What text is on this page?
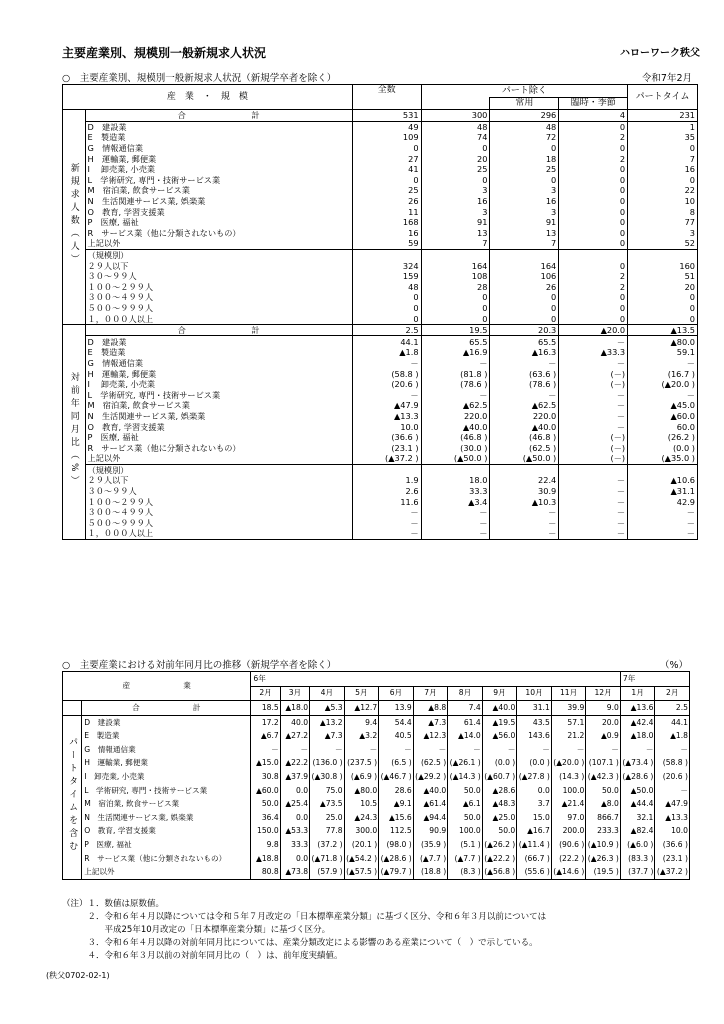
主要産業別、規模別一般新規求人状況	ハローワーク秩父
○　主要産業別、規模別一般新規求人状況（新規学卒者を除く）	令和7年2月
産　業　・　規　模		全数	パート除く			パートタイム
				常用	臨時・季節	
新規求人数（人）	合　　　　　　　　計	531	300	296	4	231
	D　建設業	49	48	48	0	1
	E　製造業	109	74	72	2	35
	G　情報通信業	0	0	0	0	0
	H　運輸業, 郵便業	27	20	18	2	7
	I　 卸売業, 小売業	41	25	25	0	16
	L　学術研究, 専門・技術サービス業	0	0	0	0	0
	M　宿泊業, 飲食サービス業	25	3	3	0	22
	N　生活関連サービス業, 娯楽業	26	16	16	0	10
	O　教育, 学習支援業	11	3	3	0	8
	P　医療, 福祉	168	91	91	0	77
	R　サービス業（他に分類されないもの）	16	13	13	0	3
	上記以外	59	7	7	0	52
	（規模別）					
	２９人以下	324	164	164	0	160
	３０～９９人	159	108	106	2	51
	１００～２９９人	48	28	26	2	20
	３００～４９９人	0	0	0	0	0
	５００～９９９人	0	0	0	0	0
	１，０００人以上	0	0	0	0	0
対前年同月比（%）	合　　　　　　　　計	2.5	19.5	20.3	▲20.0	▲13.5
	D　建設業	44.1	65.5	65.5	－	▲80.0
	E　製造業	▲1.8	▲16.9	▲16.3	▲33.3	59.1
	G　情報通信業	－	－	－	－	－
	H　運輸業, 郵便業	(58.8 )	(81.8 )	(63.6 )	(－)	(16.7 )
	I　 卸売業, 小売業	(20.6 )	(78.6 )	(78.6 )	(－)	(▲20.0 )
	L　学術研究, 専門・技術サービス業	－	－	－	－	－
	M　宿泊業, 飲食サービス業	▲47.9	▲62.5	▲62.5	－	▲45.0
	N　生活関連サービス業, 娯楽業	▲13.3	220.0	220.0	－	▲60.0
	O　教育, 学習支援業	10.0	▲40.0	▲40.0	－	60.0
	P　医療, 福祉	(36.6 )	(46.8 )	(46.8 )	(－)	(26.2 )
	R　サービス業（他に分類されないもの）	(23.1 )	(30.0 )	(62.5 )	(－)	(0.0 )
	上記以外	(▲37.2 )	(▲50.0 )	(▲50.0 )	(－)	(▲35.0 )
	（規模別）					
	２９人以下	1.9	18.0	22.4	－	▲10.6
	３０～９９人	2.6	33.3	30.9	－	▲31.1
	１００～２９９人	11.6	▲3.4	▲10.3	－	42.9
	３００～４９９人	－	－	－	－	－
	５００～９９９人	－	－	－	－	－
	１，０００人以上	－	－	－	－	－
○　主要産業における対前年同月比の推移（新規学卒者を除く）	（%）
産　　　　　　　業		6年											7年	
		2月	3月	4月	5月	6月	7月	8月	9月	10月	11月	12月	1月	2月
	合　　　　　　　計	18.5	▲18.0	▲5.3	▲12.7	13.9	▲8.8	7.4	▲40.0	31.1	39.9	9.0	▲13.6	2.5
パートタイムを含む	D　建設業	17.2	40.0	▲13.2	9.4	54.4	▲7.3	61.4	▲19.5	43.5	57.1	20.0	▲42.4	44.1
	E　製造業	▲6.7	▲27.2	▲7.3	▲3.2	40.5	▲12.3	▲14.0	▲56.0	143.6	21.2	▲0.9	▲18.0	▲1.8
	G　情報通信業	－	－	－	－	－	－	－	－	－	－	－	－	－
	H　運輸業, 郵便業	▲15.0	▲22.2	(136.0 )	(237.5 )	(6.5 )	(62.5 )	(▲26.1 )	(0.0 )	(0.0 )	(▲20.0 )	(107.1 )	(▲73.4 )	(58.8 )
	I　卸売業, 小売業	30.8	▲37.9	(▲30.8 )	(▲6.9 )	(▲46.7 )	(▲29.2 )	(▲14.3 )	(▲60.7 )	(▲27.8 )	(14.3 )	(▲42.3 )	(▲28.6 )	(20.6 )
	L　学術研究, 専門・技術サービス業	▲60.0	0.0	75.0	▲80.0	28.6	▲40.0	50.0	▲28.6	0.0	100.0	50.0	▲50.0	－
	M　宿泊業, 飲食サービス業	50.0	▲25.4	▲73.5	10.5	▲9.1	▲61.4	▲6.1	▲48.3	3.7	▲21.4	▲8.0	▲44.4	▲47.9
	N　生活関連サービス業, 娯楽業	36.4	0.0	25.0	▲24.3	▲15.6	▲94.4	50.0	▲25.0	15.0	97.0	866.7	32.1	▲13.3
	O　教育, 学習支援業	150.0	▲53.3	77.8	300.0	112.5	90.9	100.0	50.0	▲16.7	200.0	233.3	▲82.4	10.0
	P　医療, 福祉	9.8	33.3	(37.2 )	(20.1 )	(98.0 )	(35.9 )	(5.1 )	(▲26.2 )	(▲11.4 )	(90.6 )	(▲10.9 )	(▲6.0 )	(36.6 )
	R　サービス業（他に分類されないもの）	▲18.8	0.0	(▲71.8 )	(▲54.2 )	(▲28.6 )	(▲7.7 )	(▲7.7 )	(▲22.2 )	(66.7 )	(22.2 )	(▲26.3 )	(83.3 )	(23.1 )
	上記以外	80.8	▲73.8	(57.9 )	(▲57.5 )	(▲79.7 )	(18.8 )	(8.3 )	(▲56.8 )	(55.6 )	(▲14.6 )	(19.5 )	(37.7 )	(▲37.2 )
（注）１．数値は原数値。
　　　２．令和６年４月以降については令和５年７月改定の「日本標準産業分類」に基づく区分、令和６年３月以前については
　　　　　平成25年10月改定の「日本標準産業分類」に基づく区分。
　　　３．令和６年４月以降の対前年同月比については、産業分類改定による影響のある産業について（　）で示している。
　　　４．令和６年３月以前の対前年同月比の（　）は、前年度実績値。
(秩父0702-02-1)
